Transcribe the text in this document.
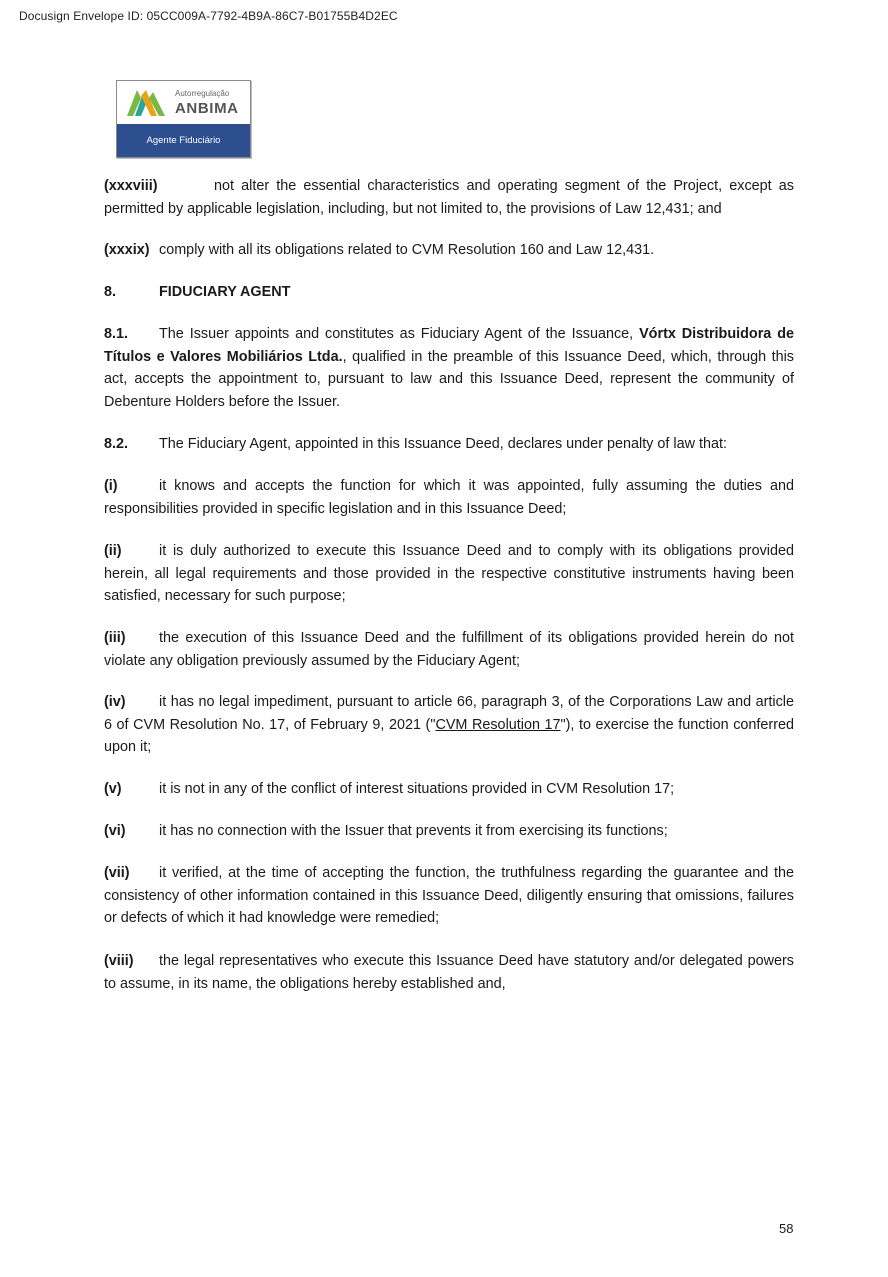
Docusign Envelope ID: 05CC009A-7792-4B9A-86C7-B01755B4D2EC
Autorregulação
ANBIMA
Agente Fiduciário
(xxxviii)	not alter the essential characteristics and operating segment of the Project, except as permitted by applicable legislation, including, but not limited to, the provisions of Law 12,431; and
(xxxix) comply with all its obligations related to CVM Resolution 160 and Law 12,431.
8.	FIDUCIARY AGENT
8.1. The Issuer appoints and constitutes as Fiduciary Agent of the Issuance, Vórtx Distribuidora de Títulos e Valores Mobiliários Ltda., qualified in the preamble of this Issuance Deed, which, through this act, accepts the appointment to, pursuant to law and this Issuance Deed, represent the community of Debenture Holders before the Issuer.
8.2. The Fiduciary Agent, appointed in this Issuance Deed, declares under penalty of law that:
(i)	it knows and accepts the function for which it was appointed, fully assuming the duties and responsibilities provided in specific legislation and in this Issuance Deed;
(ii)	it is duly authorized to execute this Issuance Deed and to comply with its obligations provided herein, all legal requirements and those provided in the respective constitutive instruments having been satisfied, necessary for such purpose;
(iii) the execution of this Issuance Deed and the fulfillment of its obligations provided herein do not violate any obligation previously assumed by the Fiduciary Agent;
(iv) it has no legal impediment, pursuant to article 66, paragraph 3, of the Corporations Law and article 6 of CVM Resolution No. 17, of February 9, 2021 ("CVM Resolution 17"), to exercise the function conferred upon it;
(v)	it is not in any of the conflict of interest situations provided in CVM Resolution 17;
(vi) it has no connection with the Issuer that prevents it from exercising its functions;
(vii) it verified, at the time of accepting the function, the truthfulness regarding the guarantee and the consistency of other information contained in this Issuance Deed, diligently ensuring that omissions, failures or defects of which it had knowledge were remedied;
(viii) the legal representatives who execute this Issuance Deed have statutory and/or delegated powers to assume, in its name, the obligations hereby established and,
58
